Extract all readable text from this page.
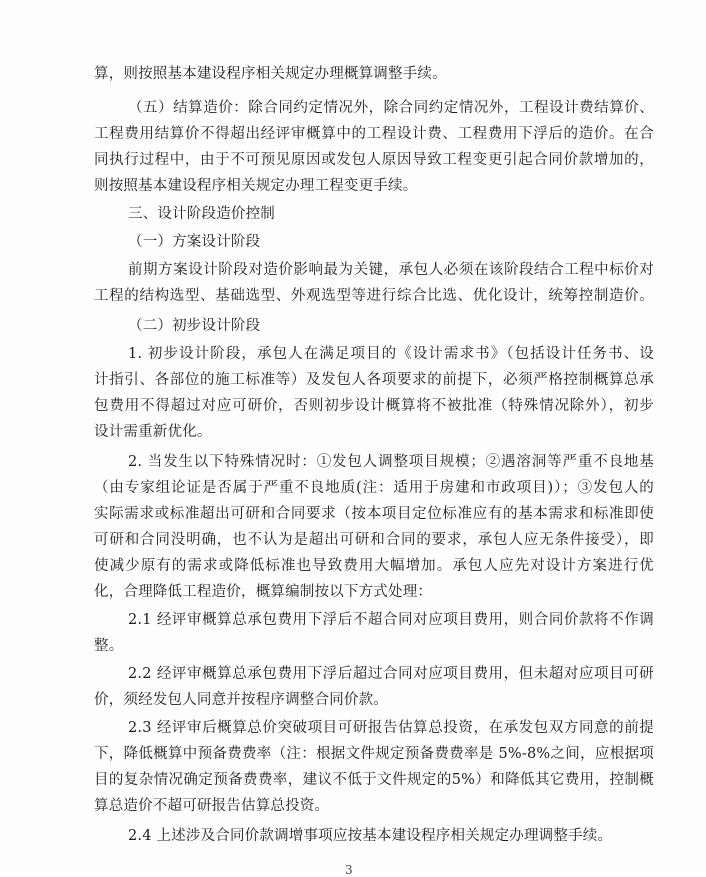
算，则按照基本建设程序相关规定办理概算调整手续。
（五）结算造价：除合同约定情况外，除合同约定情况外，工程设计费结算价、
工程费用结算价不得超出经评审概算中的工程设计费、工程费用下浮后的造价。在合
同执行过程中，由于不可预见原因或发包人原因导致工程变更引起合同价款增加的，
则按照基本建设程序相关规定办理工程变更手续。
三、设计阶段造价控制
（一）方案设计阶段
前期方案设计阶段对造价影响最为关键，承包人必须在该阶段结合工程中标价对
工程的结构选型、基础选型、外观选型等进行综合比选、优化设计，统筹控制造价。
（二）初步设计阶段
1. 初步设计阶段，承包人在满足项目的《设计需求书》（包括设计任务书、设
计指引、各部位的施工标准等）及发包人各项要求的前提下，必须严格控制概算总承
包费用不得超过对应可研价，否则初步设计概算将不被批准（特殊情况除外），初步
设计需重新优化。
2. 当发生以下特殊情况时：①发包人调整项目规模；②遇溶洞等严重不良地基
（由专家组论证是否属于严重不良地质(注：适用于房建和市政项目)）；③发包人的
实际需求或标准超出可研和合同要求（按本项目定位标准应有的基本需求和标准即使
可研和合同没明确，也不认为是超出可研和合同的要求，承包人应无条件接受），即
使减少原有的需求或降低标准也导致费用大幅增加。承包人应先对设计方案进行优
化，合理降低工程造价，概算编制按以下方式处理：
2.1 经评审概算总承包费用下浮后不超合同对应项目费用，则合同价款将不作调
整。
2.2 经评审概算总承包费用下浮后超过合同对应项目费用，但未超对应项目可研
价，须经发包人同意并按程序调整合同价款。
2.3 经评审后概算总价突破项目可研报告估算总投资，在承发包双方同意的前提
下，降低概算中预备费费率（注：根据文件规定预备费费率是 5%-8%之间，应根据项
目的复杂情况确定预备费费率，建议不低于文件规定的5%）和降低其它费用，控制概
算总造价不超可研报告估算总投资。
2.4 上述涉及合同价款调增事项应按基本建设程序相关规定办理调整手续。
3
